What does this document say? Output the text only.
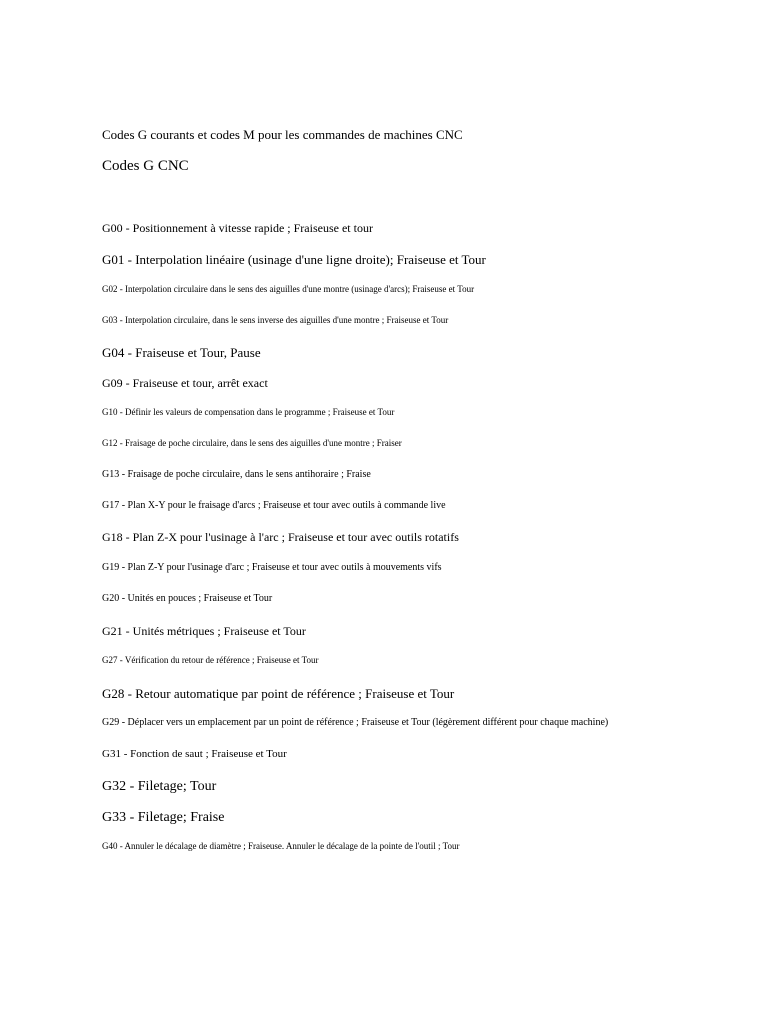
Codes G courants et codes M pour les commandes de machines CNC

Codes G CNC

G00 - Positionnement à vitesse rapide ; Fraiseuse et tour

G01 - Interpolation linéaire (usinage d'une ligne droite); Fraiseuse et Tour

G02 - Interpolation circulaire dans le sens des aiguilles d'une montre (usinage d'arcs); Fraiseuse et Tour

G03 - Interpolation circulaire, dans le sens inverse des aiguilles d'une montre ; Fraiseuse et Tour

G04 - Fraiseuse et Tour, Pause

G09 - Fraiseuse et tour, arrêt exact

G10 - Définir les valeurs de compensation dans le programme ; Fraiseuse et Tour

G12 - Fraisage de poche circulaire, dans le sens des aiguilles d'une montre ; Fraiser

G13 - Fraisage de poche circulaire, dans le sens antihoraire ; Fraise

G17 - Plan X-Y pour le fraisage d'arcs ; Fraiseuse et tour avec outils à commande live

G18 - Plan Z-X pour l'usinage à l'arc ; Fraiseuse et tour avec outils rotatifs

G19 - Plan Z-Y pour l'usinage d'arc ; Fraiseuse et tour avec outils à mouvements vifs

G20 - Unités en pouces ; Fraiseuse et Tour

G21 - Unités métriques ; Fraiseuse et Tour

G27 - Vérification du retour de référence ; Fraiseuse et Tour

G28 - Retour automatique par point de référence ; Fraiseuse et Tour

G29 - Déplacer vers un emplacement par un point de référence ; Fraiseuse et Tour (légèrement différent pour chaque machine)

G31 - Fonction de saut ; Fraiseuse et Tour

G32 - Filetage; Tour

G33 - Filetage; Fraise

G40 - Annuler le décalage de diamètre ; Fraiseuse. Annuler le décalage de la pointe de l'outil ; Tour
